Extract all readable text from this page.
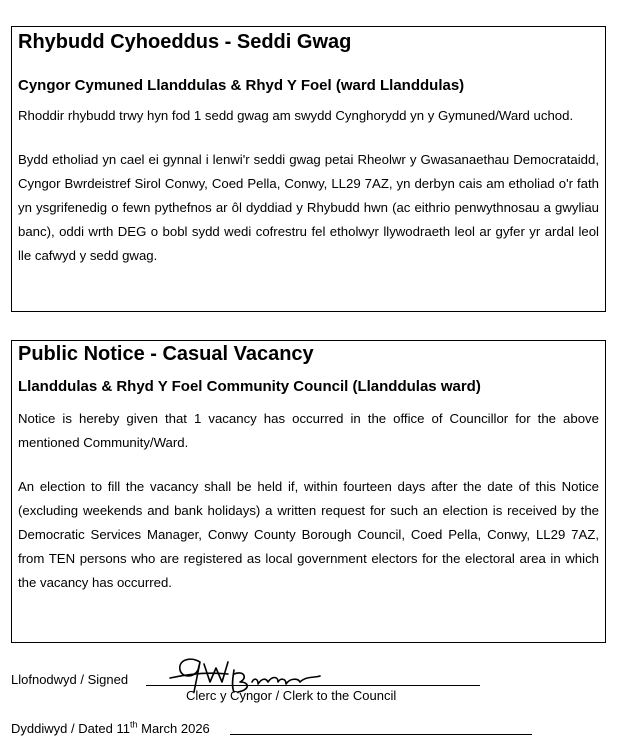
Rhybudd Cyhoeddus - Seddi Gwag
Cyngor Cymuned Llanddulas & Rhyd Y Foel (ward Llanddulas)
Rhoddir rhybudd trwy hyn fod 1 sedd gwag am swydd Cynghorydd yn y Gymuned/Ward uchod.
Bydd etholiad yn cael ei gynnal i lenwi'r seddi gwag petai Rheolwr y Gwasanaethau Democrataidd, Cyngor Bwrdeistref Sirol Conwy, Coed Pella, Conwy, LL29 7AZ, yn derbyn cais am etholiad o'r fath yn ysgrifenedig o fewn pythefnos ar ôl dyddiad y Rhybudd hwn (ac eithrio penwythnosau a gwyliau banc), oddi wrth DEG o bobl sydd wedi cofrestru fel etholwyr llywodraeth leol ar gyfer yr ardal leol lle cafwyd y sedd gwag.
Public Notice - Casual Vacancy
Llanddulas & Rhyd Y Foel Community Council (Llanddulas ward)
Notice is hereby given that 1 vacancy has occurred in the office of Councillor for the above mentioned Community/Ward.
An election to fill the vacancy shall be held if, within fourteen days after the date of this Notice (excluding weekends and bank holidays) a written request for such an election is received by the Democratic Services Manager, Conwy County Borough Council, Coed Pella, Conwy, LL29 7AZ, from TEN persons who are registered as local government electors for the electoral area in which the vacancy has occurred.
Llofnodwyd / Signed
Clerc y Cyngor / Clerk to the Council
Dyddiwyd / Dated 11th March 2026
